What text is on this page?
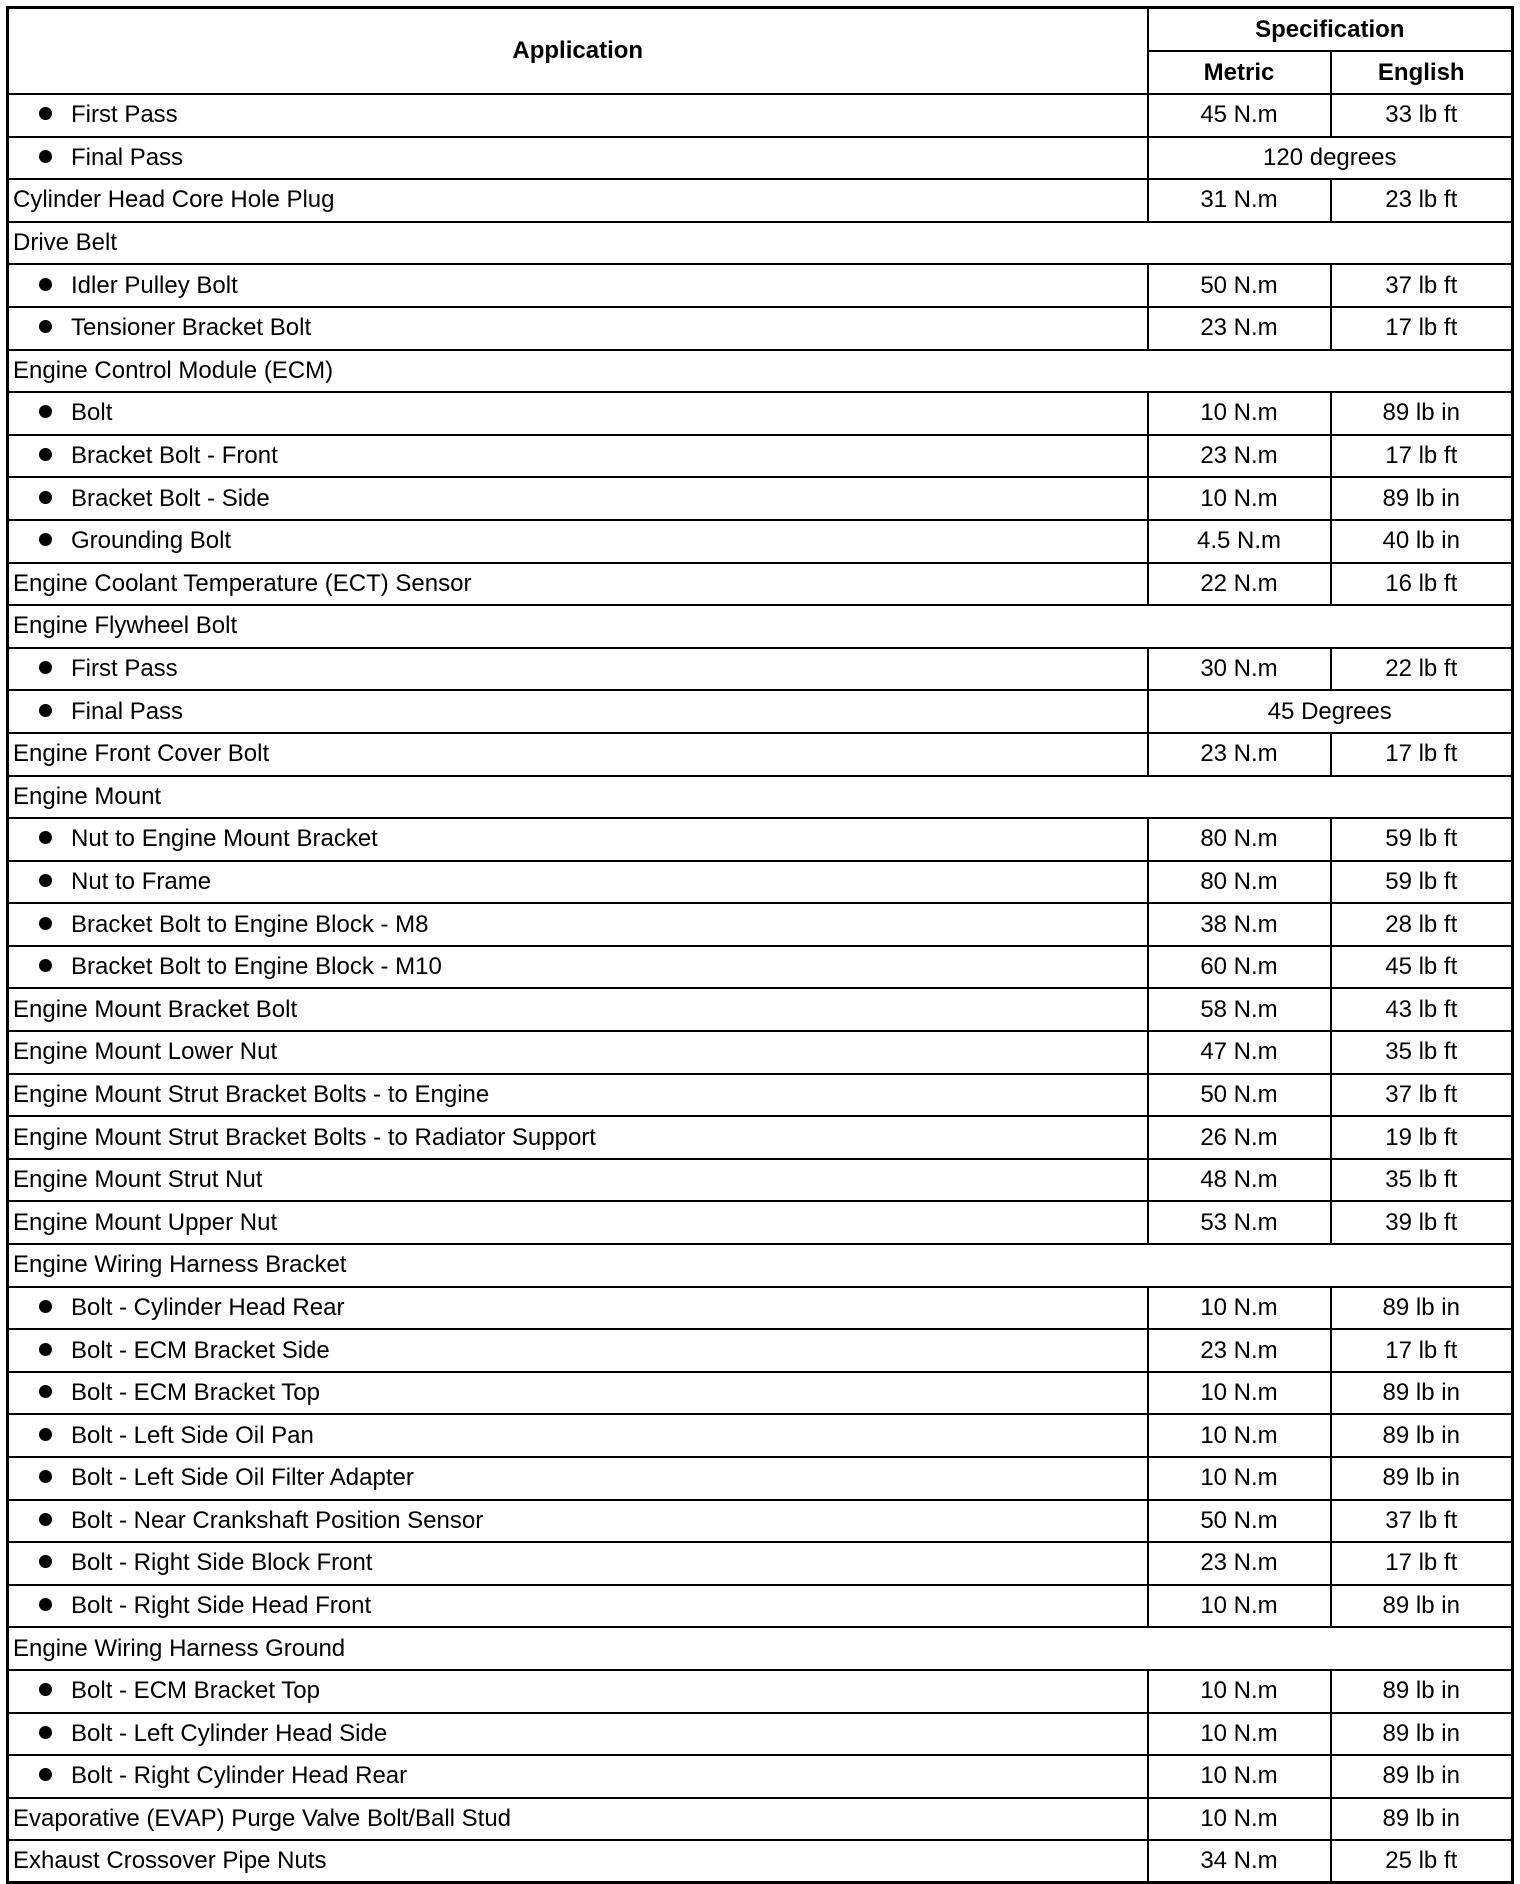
Application	Specification	
	Metric	English
First Pass	45 N.m	33 lb ft
Final Pass	120 degrees	
Cylinder Head Core Hole Plug	31 N.m	23 lb ft
Drive Belt		
Idler Pulley Bolt	50 N.m	37 lb ft
Tensioner Bracket Bolt	23 N.m	17 lb ft
Engine Control Module (ECM)		
Bolt	10 N.m	89 lb in
Bracket Bolt - Front	23 N.m	17 lb ft
Bracket Bolt - Side	10 N.m	89 lb in
Grounding Bolt	4.5 N.m	40 lb in
Engine Coolant Temperature (ECT) Sensor	22 N.m	16 lb ft
Engine Flywheel Bolt		
First Pass	30 N.m	22 lb ft
Final Pass	45 Degrees	
Engine Front Cover Bolt	23 N.m	17 lb ft
Engine Mount		
Nut to Engine Mount Bracket	80 N.m	59 lb ft
Nut to Frame	80 N.m	59 lb ft
Bracket Bolt to Engine Block - M8	38 N.m	28 lb ft
Bracket Bolt to Engine Block - M10	60 N.m	45 lb ft
Engine Mount Bracket Bolt	58 N.m	43 lb ft
Engine Mount Lower Nut	47 N.m	35 lb ft
Engine Mount Strut Bracket Bolts - to Engine	50 N.m	37 lb ft
Engine Mount Strut Bracket Bolts - to Radiator Support	26 N.m	19 lb ft
Engine Mount Strut Nut	48 N.m	35 lb ft
Engine Mount Upper Nut	53 N.m	39 lb ft
Engine Wiring Harness Bracket		
Bolt - Cylinder Head Rear	10 N.m	89 lb in
Bolt - ECM Bracket Side	23 N.m	17 lb ft
Bolt - ECM Bracket Top	10 N.m	89 lb in
Bolt - Left Side Oil Pan	10 N.m	89 lb in
Bolt - Left Side Oil Filter Adapter	10 N.m	89 lb in
Bolt - Near Crankshaft Position Sensor	50 N.m	37 lb ft
Bolt - Right Side Block Front	23 N.m	17 lb ft
Bolt - Right Side Head Front	10 N.m	89 lb in
Engine Wiring Harness Ground		
Bolt - ECM Bracket Top	10 N.m	89 lb in
Bolt - Left Cylinder Head Side	10 N.m	89 lb in
Bolt - Right Cylinder Head Rear	10 N.m	89 lb in
Evaporative (EVAP) Purge Valve Bolt/Ball Stud	10 N.m	89 lb in
Exhaust Crossover Pipe Nuts	34 N.m	25 lb ft
